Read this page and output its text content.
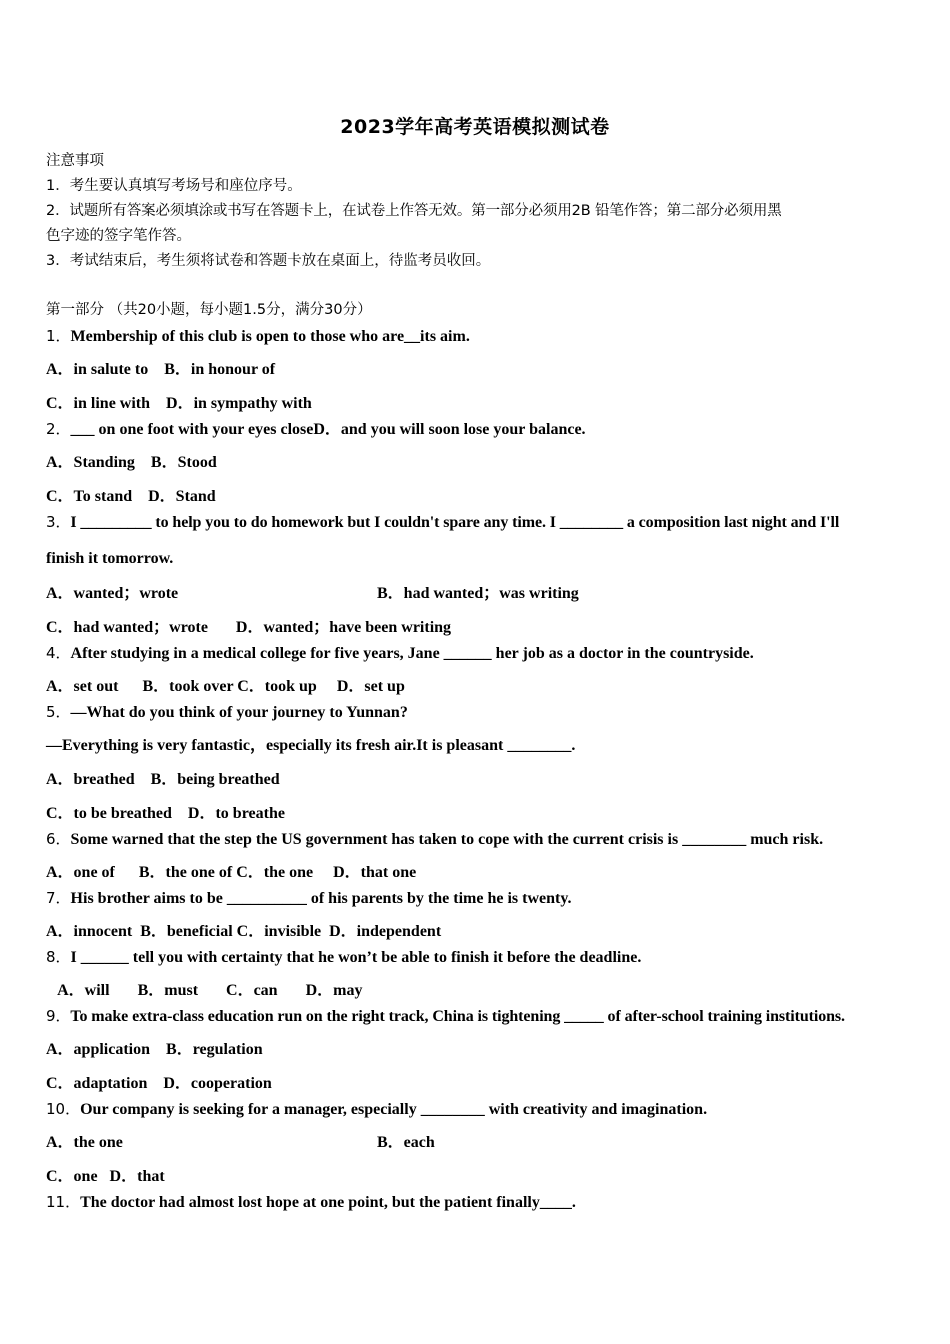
2023学年高考英语模拟测试卷
注意事项
1．考生要认真填写考场号和座位序号。
2．试题所有答案必须填涂或书写在答题卡上，在试卷上作答无效。第一部分必须用2B 铅笔作答；第二部分必须用黑
色字迹的签字笔作答。
3．考试结束后，考生须将试卷和答题卡放在桌面上，待监考员收回。
第一部分 （共20小题，每小题1.5分，满分30分）
1．Membership of this club is open to those who are__its aim.
A．in salute to    B．in honour of
C．in line with    D．in sympathy with
2．___ on one foot with your eyes closeD．and you will soon lose your balance.
A．Standing    B．Stood
C．To stand    D．Stand
3．I _________ to help you to do homework but I couldn't spare any time. I ________ a composition last night and I'll
finish it tomorrow.
A．wanted；wrote	B．had wanted；was writing
C．had wanted；wrote       D．wanted；have been writing
4．After studying in a medical college for five years, Jane ______ her job as a doctor in the countryside.
A．set out      B．took over C．took up     D．set up
5．—What do you think of your journey to Yunnan?
—Everything is very fantastic，especially its fresh air.It is pleasant ________.
A．breathed    B．being breathed
C．to be breathed    D．to breathe
6．Some warned that the step the US government has taken to cope with the current crisis is ________ much risk.
A．one of      B．the one of C．the one     D．that one
7．His brother aims to be __________ of his parents by the time he is twenty.
A．innocent  B．beneficial C．invisible  D．independent
8．I ______ tell you with certainty that he won’t be able to finish it before the deadline.
A．will       B．must       C．can       D．may
9．To make extra-class education run on the right track, China is tightening _____ of after-school training institutions.
A．application    B．regulation
C．adaptation    D．cooperation
10．Our company is seeking for a manager, especially ________ with creativity and imagination.
A．the one	B．each
C．one   D．that
11．The doctor had almost lost hope at one point, but the patient finally____.
